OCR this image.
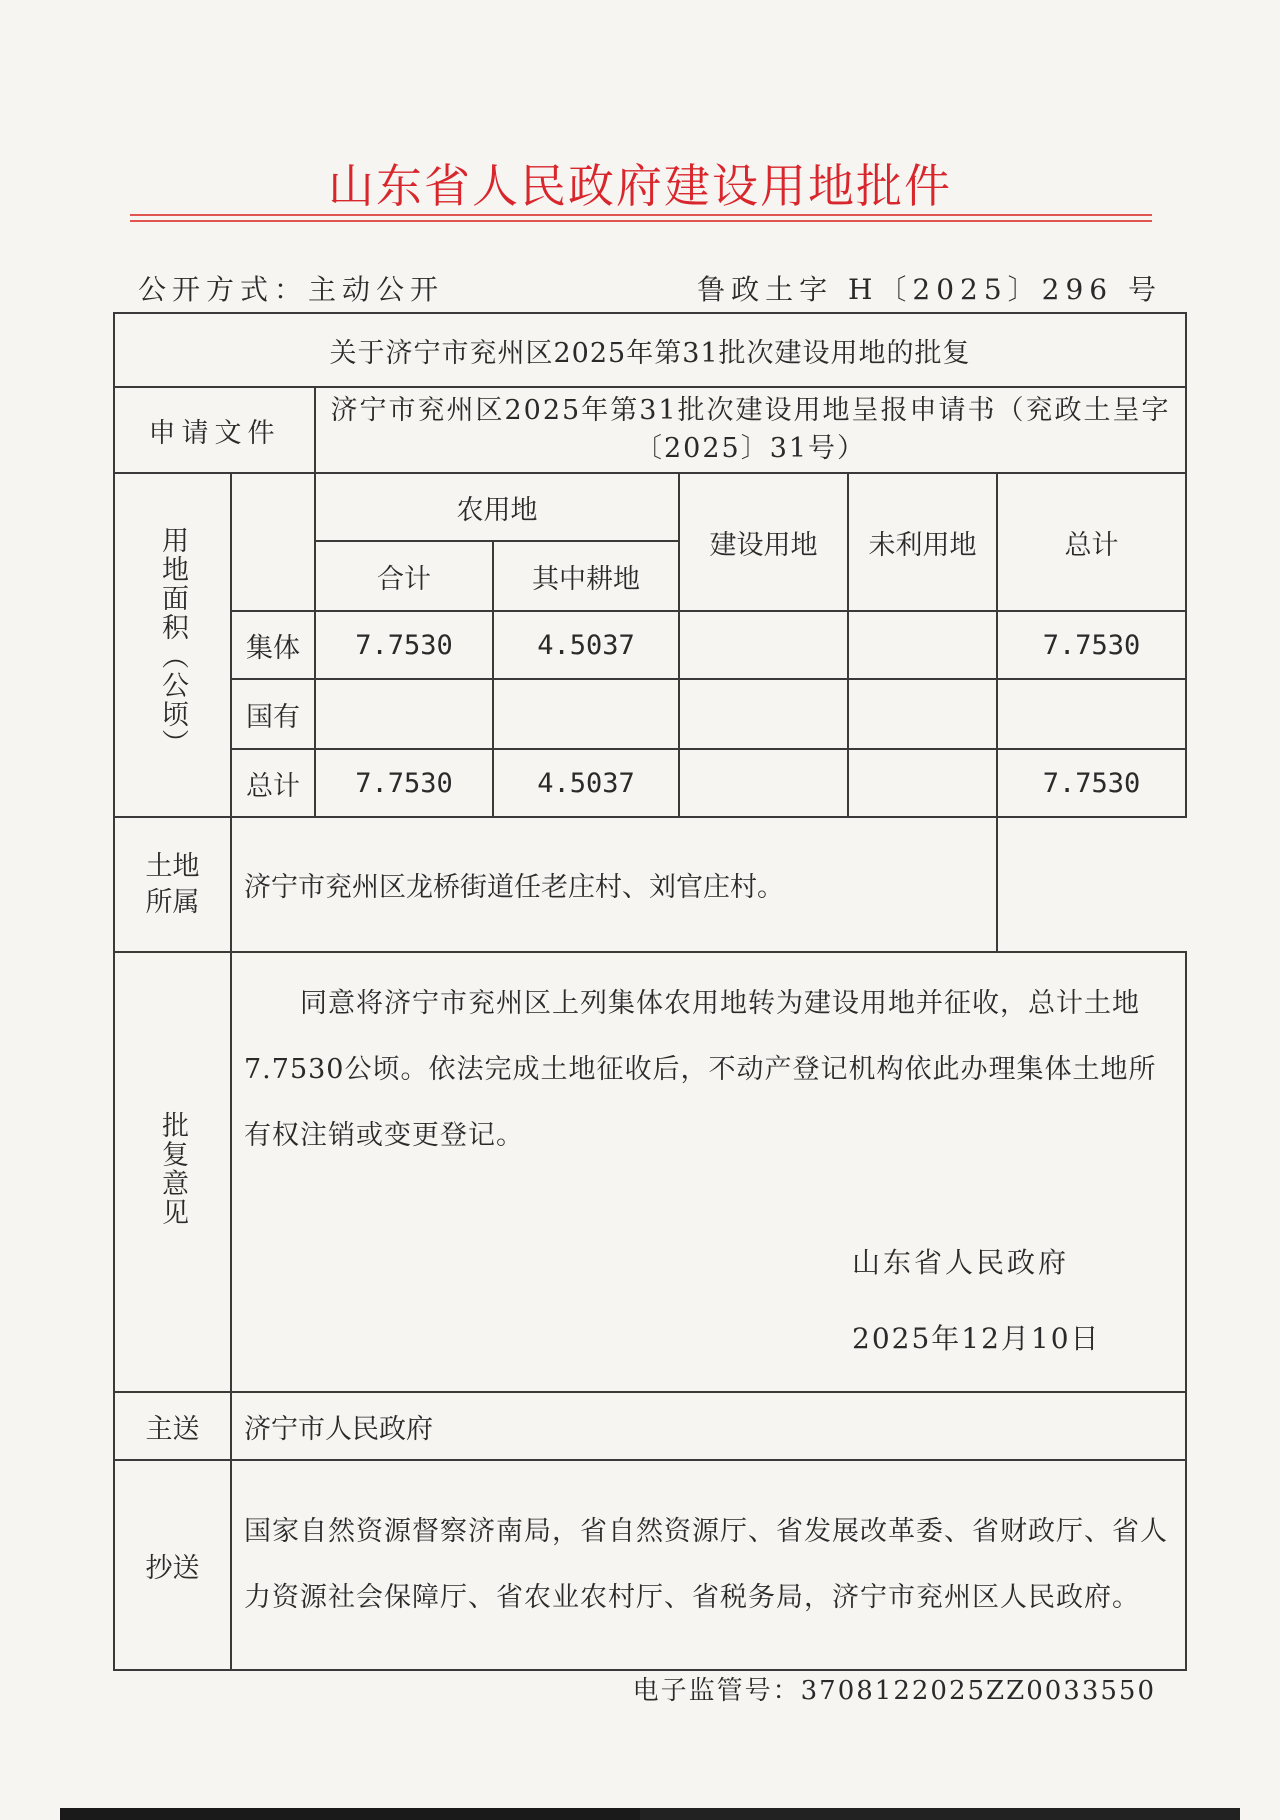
山东省人民政府建设用地批件
公开方式：主动公开	鲁政土字 H〔2025〕296 号
关于济宁市兖州区2025年第31批次建设用地的批复						
申请文件		济宁市兖州区2025年第31批次建设用地呈报申请书（兖政土呈字〔2025〕31号）				
用地面积（公顷）		农用地		建设用地	未利用地	总计
		合计	其中耕地			
	集体	7.7530	4.5037			7.7530
	国有					
	总计	7.7530	4.5037			7.7530
土地
所属	济宁市兖州区龙桥街道任老庄村、刘官庄村。					
批复意见	同意将济宁市兖州区上列集体农用地转为建设用地并征收，总计土地7.7530公顷。依法完成土地征收后，不动产登记机构依此办理集体土地所有权注销或变更登记。
山东省人民政府
2025年12月10日					

主送	济宁市人民政府					
抄送	国家自然资源督察济南局，省自然资源厅、省发展改革委、省财政厅、省人力资源社会保障厅、省农业农村厅、省税务局，济宁市兖州区人民政府。					
电子监管号：3708122025ZZ0033550
